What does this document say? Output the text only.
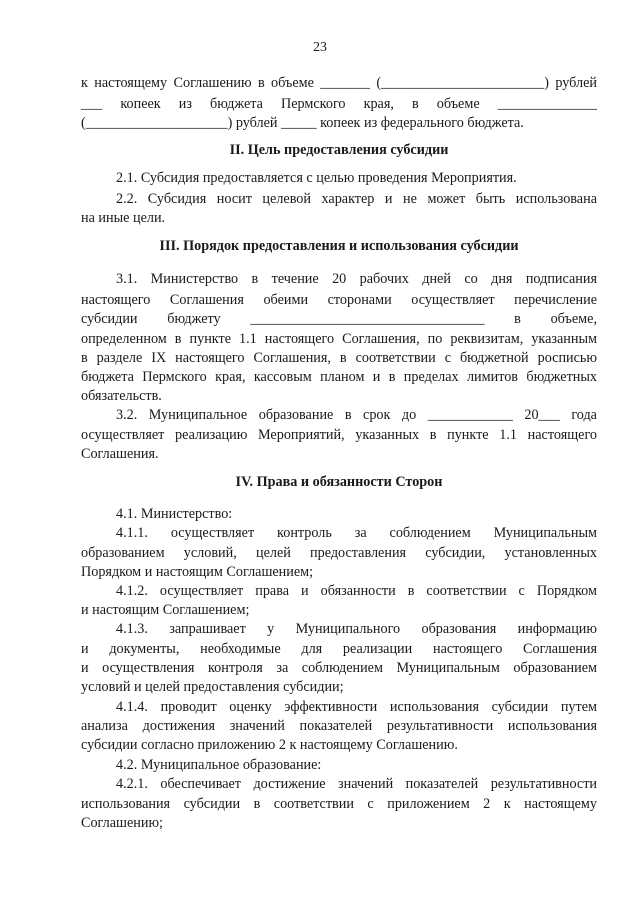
23
к настоящему Соглашению в объеме _______ (_______________________) рублей
___ копеек из бюджета Пермского края, в объеме ______________
(____________________) рублей _____ копеек из федерального бюджета.
II. Цель предоставления субсидии
2.1. Субсидия предоставляется с целью проведения Мероприятия.
2.2. Субсидия носит целевой характер и не может быть использована
на иные цели.
III. Порядок предоставления и использования субсидии
3.1. Министерство в течение 20 рабочих дней со дня подписания
настоящего Соглашения обеими сторонами осуществляет перечисление
субсидии бюджету _________________________________ в объеме,
определенном в пункте 1.1 настоящего Соглашения, по реквизитам, указанным
в разделе IX настоящего Соглашения, в соответствии с бюджетной росписью
бюджета Пермского края, кассовым планом и в пределах лимитов бюджетных
обязательств.
3.2. Муниципальное образование в срок до ____________ 20___ года
осуществляет реализацию Мероприятий, указанных в пункте 1.1 настоящего
Соглашения.
IV. Права и обязанности Сторон
4.1. Министерство:
4.1.1. осуществляет контроль за соблюдением Муниципальным
образованием условий, целей предоставления субсидии, установленных
Порядком и настоящим Соглашением;
4.1.2. осуществляет права и обязанности в соответствии с Порядком
и настоящим Соглашением;
4.1.3. запрашивает у Муниципального образования информацию
и документы, необходимые для реализации настоящего Соглашения
и осуществления контроля за соблюдением Муниципальным образованием
условий и целей предоставления субсидии;
4.1.4. проводит оценку эффективности использования субсидии путем
анализа достижения значений показателей результативности использования
субсидии согласно приложению 2 к настоящему Соглашению.
4.2. Муниципальное образование:
4.2.1. обеспечивает достижение значений показателей результативности
использования субсидии в соответствии с приложением 2 к настоящему
Соглашению;
